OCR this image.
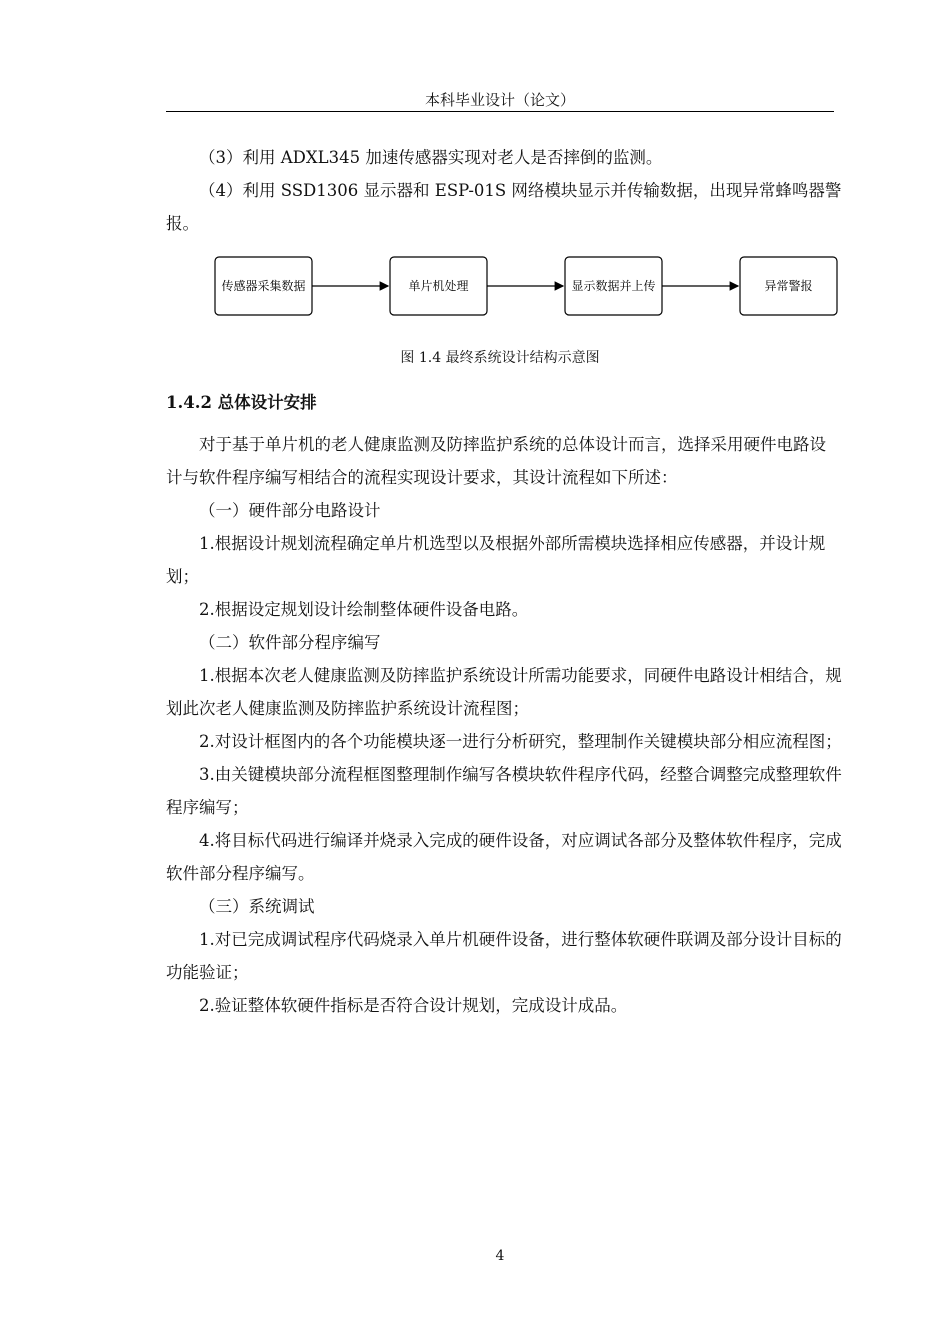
本科毕业设计（论文）

（3）利用 ADXL345 加速传感器实现对老人是否摔倒的监测。

（4）利用 SSD1306 显示器和 ESP-01S 网络模块显示并传输数据，出现异常蜂鸣器警报。

传感器采集数据	单片机处理	显示数据并上传	异常警报
图 1.4 最终系统设计结构示意图
1.4.2 总体设计安排

对于基于单片机的老人健康监测及防摔监护系统的总体设计而言，选择采用硬件电路设计与软件程序编写相结合的流程实现设计要求，其设计流程如下所述：

（一）硬件部分电路设计

1.根据设计规划流程确定单片机选型以及根据外部所需模块选择相应传感器，并设计规划；

2.根据设定规划设计绘制整体硬件设备电路。

（二）软件部分程序编写

1.根据本次老人健康监测及防摔监护系统设计所需功能要求，同硬件电路设计相结合，规划此次老人健康监测及防摔监护系统设计流程图；

2.对设计框图内的各个功能模块逐一进行分析研究，整理制作关键模块部分相应流程图；

3.由关键模块部分流程框图整理制作编写各模块软件程序代码，经整合调整完成整理软件程序编写；

4.将目标代码进行编译并烧录入完成的硬件设备，对应调试各部分及整体软件程序，完成软件部分程序编写。

（三）系统调试

1.对已完成调试程序代码烧录入单片机硬件设备，进行整体软硬件联调及部分设计目标的功能验证；

2.验证整体软硬件指标是否符合设计规划，完成设计成品。

4
